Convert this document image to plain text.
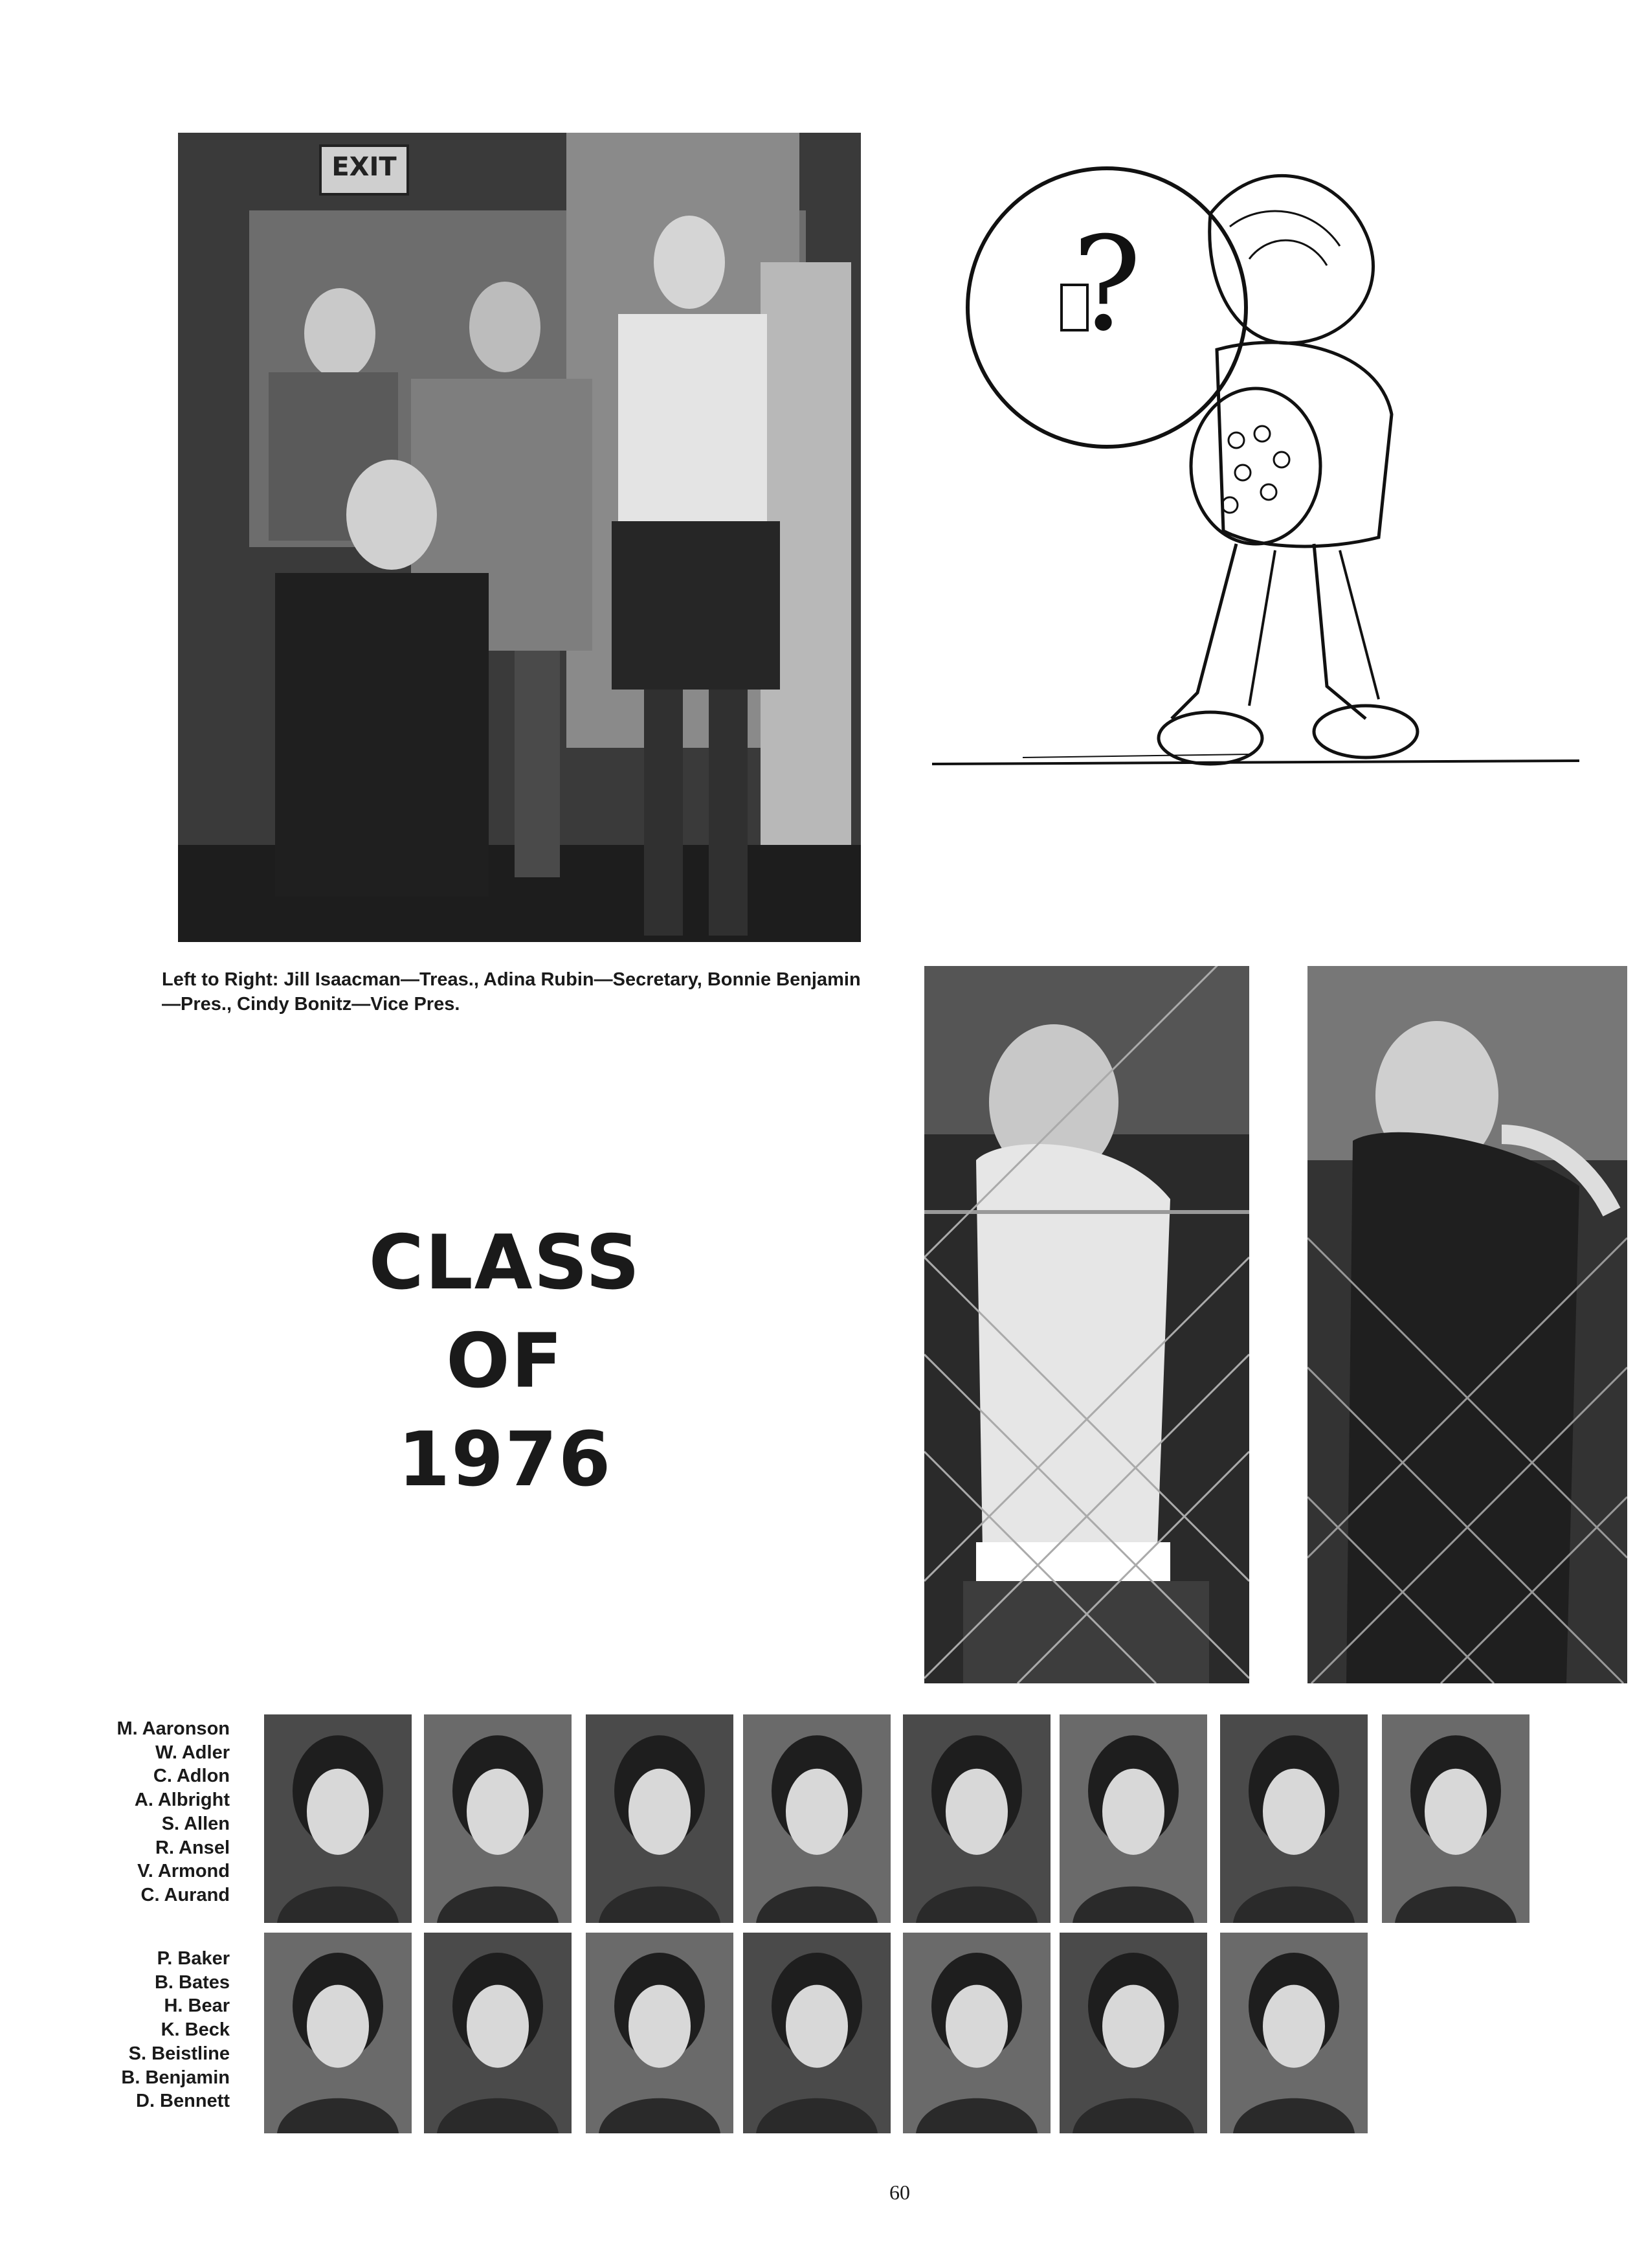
EXIT
?
Left to Right: Jill Isaacman—Treas., Adina Rubin—Secretary, Bonnie Benjamin—Pres., Cindy Bonitz—Vice Pres.
CLASS
OF
1976
M. Aaronson
W. Adler
C. Adlon
A. Albright
S. Allen
R. Ansel
V. Armond
C. Aurand
P. Baker
B. Bates
H. Bear
K. Beck
S. Beistline
B. Benjamin
D. Bennett
60
